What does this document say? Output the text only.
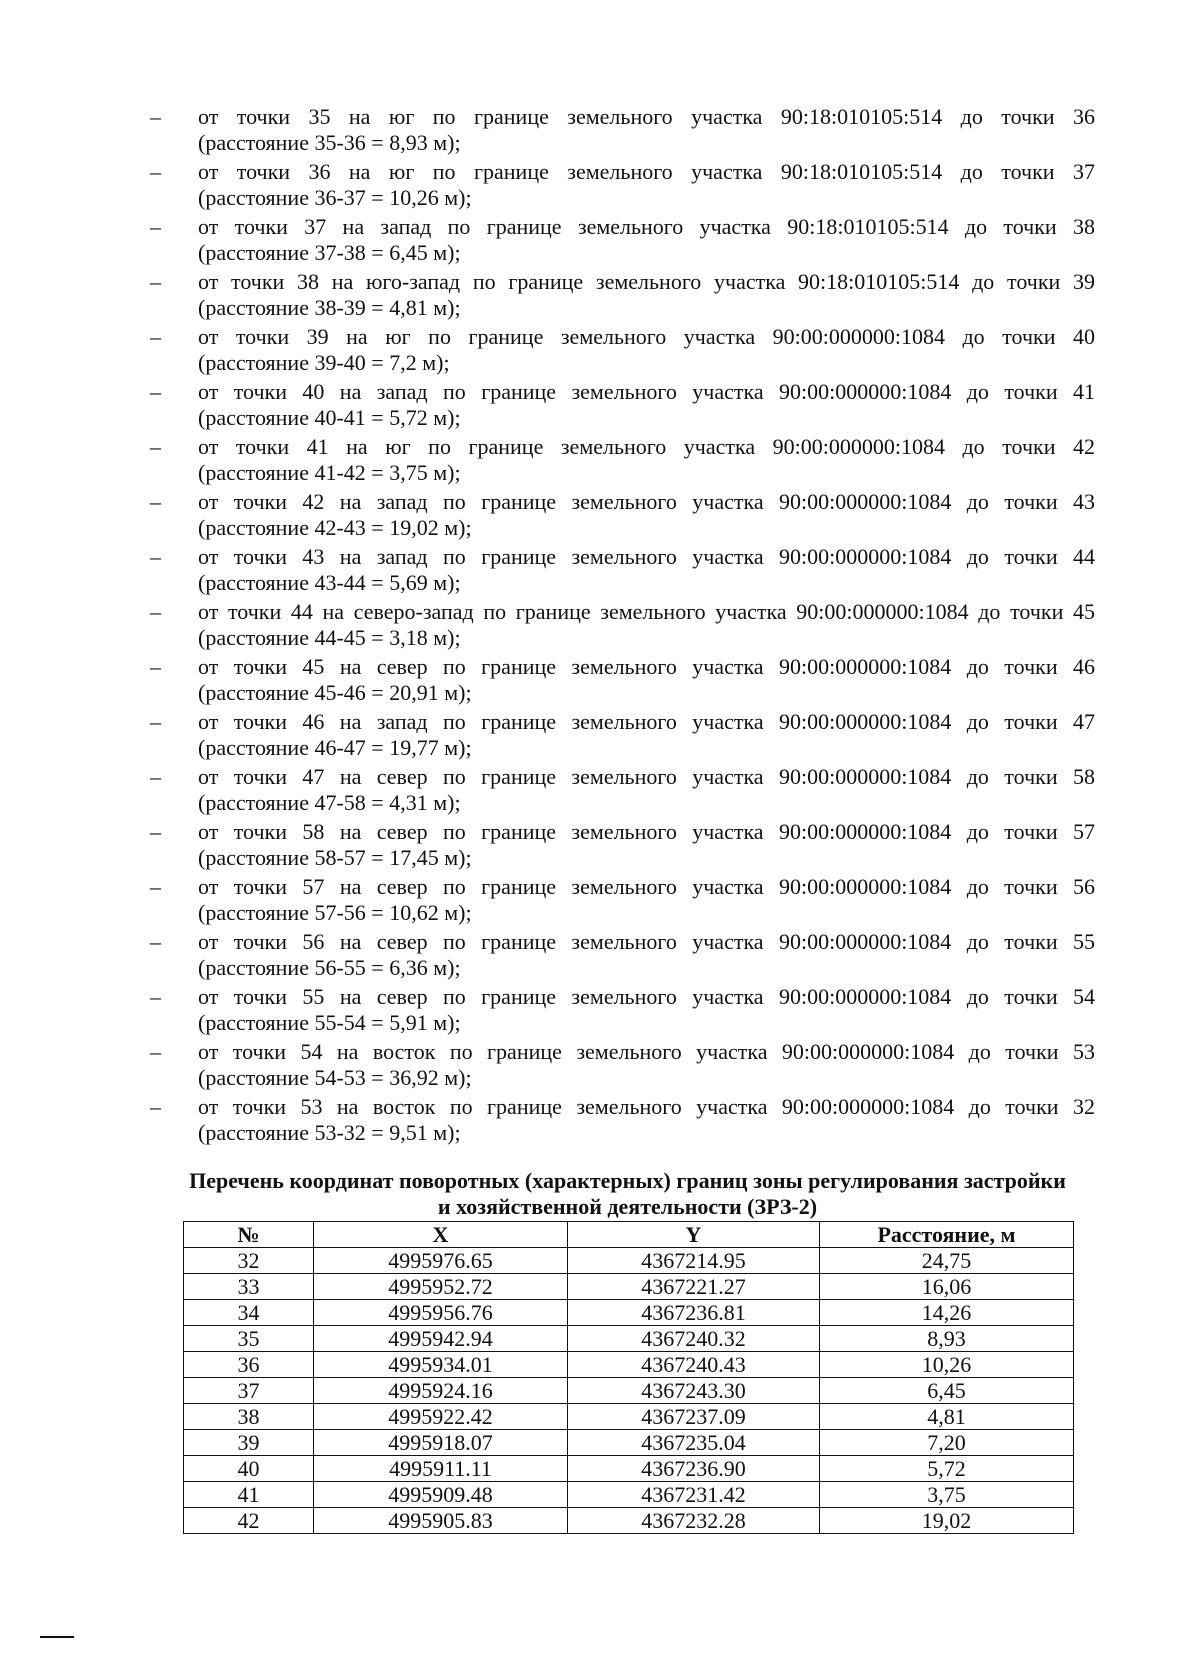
–	от точки 35 на юг по границе земельного участка 90:18:010105:514 до точки 36
(расстояние 35-36 = 8,93 м);
–	от точки 36 на юг по границе земельного участка 90:18:010105:514 до точки 37
(расстояние 36-37 = 10,26 м);
–	от точки 37 на запад по границе земельного участка 90:18:010105:514 до точки 38
(расстояние 37-38 = 6,45 м);
–	от точки 38 на юго-запад по границе земельного участка 90:18:010105:514 до точки 39
(расстояние 38-39 = 4,81 м);
–	от точки 39 на юг по границе земельного участка 90:00:000000:1084 до точки 40
(расстояние 39-40 = 7,2 м);
–	от точки 40 на запад по границе земельного участка 90:00:000000:1084 до точки 41
(расстояние 40-41 = 5,72 м);
–	от точки 41 на юг по границе земельного участка 90:00:000000:1084 до точки 42
(расстояние 41-42 = 3,75 м);
–	от точки 42 на запад по границе земельного участка 90:00:000000:1084 до точки 43
(расстояние 42-43 = 19,02 м);
–	от точки 43 на запад по границе земельного участка 90:00:000000:1084 до точки 44
(расстояние 43-44 = 5,69 м);
–	от точки 44 на северо-запад по границе земельного участка 90:00:000000:1084 до точки 45
(расстояние 44-45 = 3,18 м);
–	от точки 45 на север по границе земельного участка 90:00:000000:1084 до точки 46
(расстояние 45-46 = 20,91 м);
–	от точки 46 на запад по границе земельного участка 90:00:000000:1084 до точки 47
(расстояние 46-47 = 19,77 м);
–	от точки 47 на север по границе земельного участка 90:00:000000:1084 до точки 58
(расстояние 47-58 = 4,31 м);
–	от точки 58 на север по границе земельного участка 90:00:000000:1084 до точки 57
(расстояние 58-57 = 17,45 м);
–	от точки 57 на север по границе земельного участка 90:00:000000:1084 до точки 56
(расстояние 57-56 = 10,62 м);
–	от точки 56 на север по границе земельного участка 90:00:000000:1084 до точки 55
(расстояние 56-55 = 6,36 м);
–	от точки 55 на север по границе земельного участка 90:00:000000:1084 до точки 54
(расстояние 55-54 = 5,91 м);
–	от точки 54 на восток по границе земельного участка 90:00:000000:1084 до точки 53
(расстояние 54-53 = 36,92 м);
–	от точки 53 на восток по границе земельного участка 90:00:000000:1084 до точки 32
(расстояние 53-32 = 9,51 м);
Перечень координат поворотных (характерных) границ зоны регулирования застройки
и хозяйственной деятельности (ЗРЗ-2)
№	X	Y	Расстояние, м
32	4995976.65	4367214.95	24,75
33	4995952.72	4367221.27	16,06
34	4995956.76	4367236.81	14,26
35	4995942.94	4367240.32	8,93
36	4995934.01	4367240.43	10,26
37	4995924.16	4367243.30	6,45
38	4995922.42	4367237.09	4,81
39	4995918.07	4367235.04	7,20
40	4995911.11	4367236.90	5,72
41	4995909.48	4367231.42	3,75
42	4995905.83	4367232.28	19,02
